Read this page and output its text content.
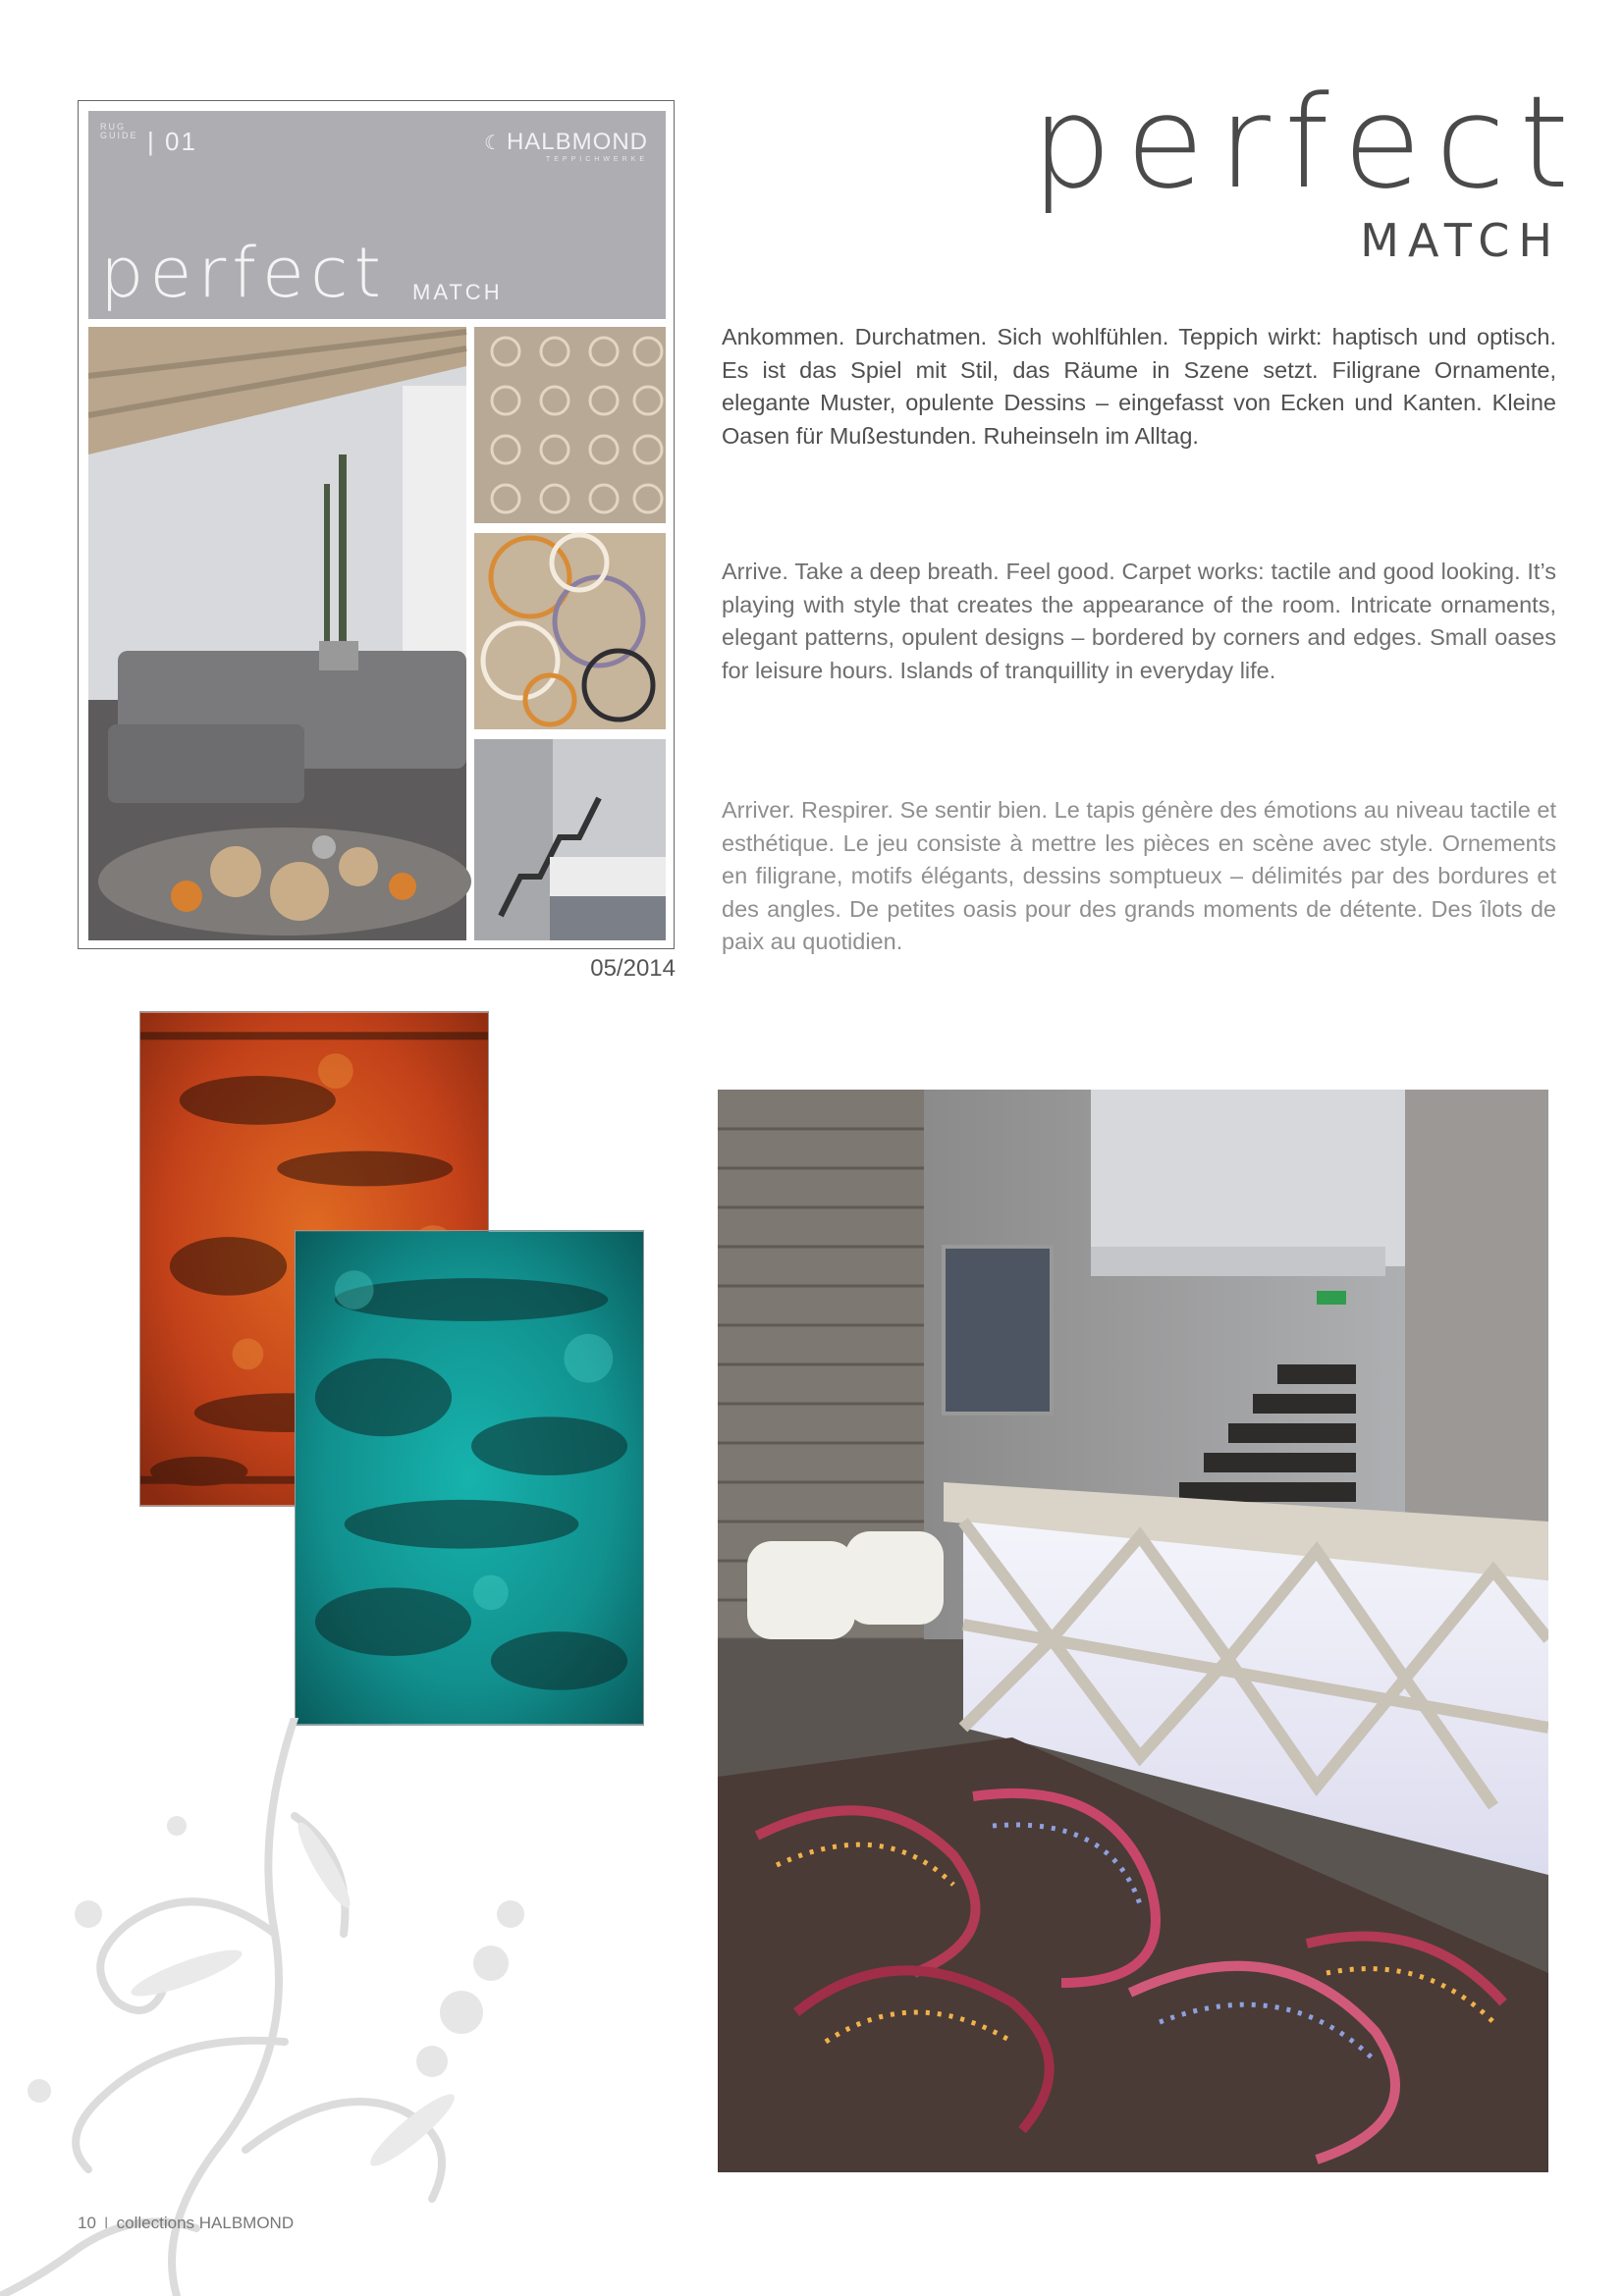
perfect
MATCH

Ankommen. Durchatmen. Sich wohlfühlen. Teppich wirkt: haptisch und optisch. Es ist das Spiel mit Stil, das Räume in Szene setzt. Filigrane Ornamente, elegante Muster, opulente Dessins – eingefasst von Ecken und Kanten. Kleine Oasen für Mußestunden. Ruheinseln im Alltag.

Arrive. Take a deep breath. Feel good. Carpet works: tactile and good looking. It’s playing with style that creates the appearance of the room. Intricate ornaments, elegant patterns, opulent designs – bordered by corners and edges. Small oases for leisure hours. Islands of tranquillity in everyday life.

Arriver. Respirer. Se sentir bien. Le tapis génère des émotions au niveau tactile et esthétique. Le jeu consiste à mettre les pièces en scène avec style. Ornements en filigrane, motifs élégants, dessins somptueux – délimités par des bordures et des angles. De petites oasis pour des grands moments de détente. Des îlots de paix au quotidien.

RUG GUIDE | 01	☾ HALBMOND
TEPPICHWERKE
perfect MATCH
05/2014
10 I collections HALBMOND
